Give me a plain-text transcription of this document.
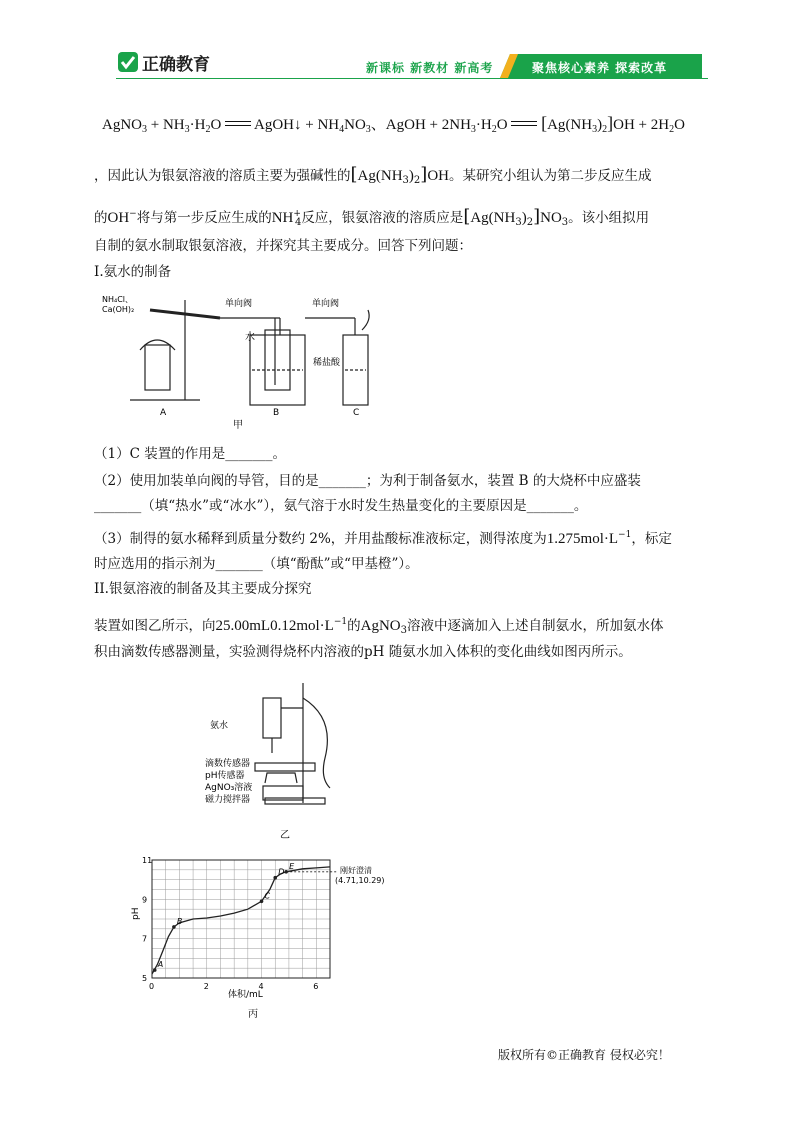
正确教育	新课标 新教材 新高考	聚焦核心素养 探索改革
AgNO$_3$ + $NH_3\cdot H_2O$ AgOH↓ + $NH_4NO_3$、AgOH + $2NH_3\cdot H_2O$ $[Ag(NH_3)_2]OH + 2H_2O$
，因此认为银氨溶液的溶质主要为强碱性的$[Ag(NH_3)_2]OH$。某研究小组认为第二步反应生成
的OH−将与第一步反应生成的$NH^+_4$反应，银氨溶液的溶质应是$[Ag(NH_3)_2]NO_3$。该小组拟用
自制的氨水制取银氨溶液，并探究其主要成分。回答下列问题：
I.氨水的制备
NH₄Cl、
Ca(OH)₂
单向阀	单向阀
水
稀盐酸
A	B	C
甲
（1）C 装置的作用是_______。
（2）使用加装单向阀的导管，目的是_______；为利于制备氨水，装置 B 的大烧杯中应盛装
_______（填“热水”或“冰水”），氨气溶于水时发生热量变化的主要原因是_______。
（3）制得的氨水稀释到质量分数约 2%，并用盐酸标准液标定，测得浓度为$1.275mol\cdot L^{-1}$，标定
时应选用的指示剂为_______（填“酚酞”或“甲基橙”）。
II.银氨溶液的制备及其主要成分探究
装置如图乙所示，向$25.00mL0.12mol\cdot L^{-1}$的AgNO$_3$溶液中逐滴加入上述自制氨水，所加氨水体
积由滴数传感器测量，实验测得烧杯内溶液的pH 随氨水加入体积的变化曲线如图丙所示。
氨水
滴数传感器
pH传感器
AgNO₃溶液
磁力搅拌器
乙
0	2	4	6
5
7
9
11
A
B
C
D
E
pH
体积/mL
刚好澄清
(4.71,10.29)
丙
版权所有©正确教育 侵权必究！
